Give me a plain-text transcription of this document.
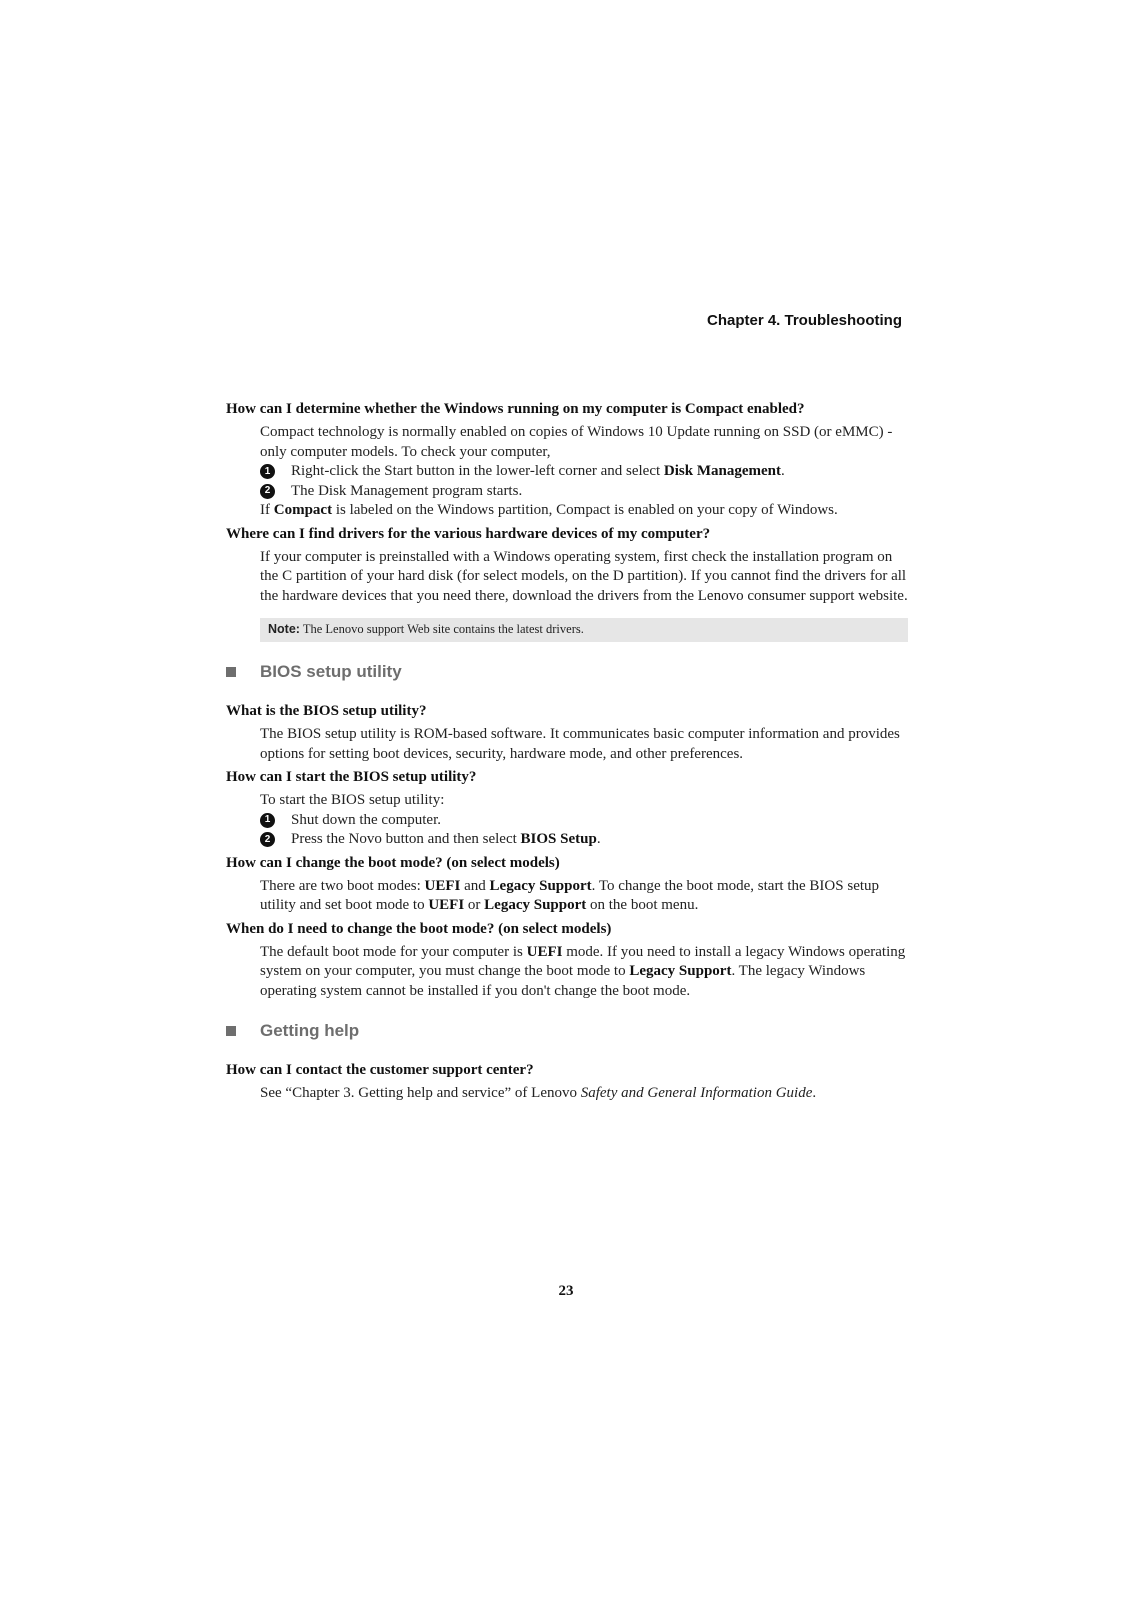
Chapter 4. Troubleshooting
How can I determine whether the Windows running on my computer is Compact enabled?
Compact technology is normally enabled on copies of Windows 10 Update running on SSD (or eMMC) -only computer models. To check your computer,
1	Right-click the Start button in the lower-left corner and select Disk Management.
2	The Disk Management program starts.
If Compact is labeled on the Windows partition, Compact is enabled on your copy of Windows.
Where can I find drivers for the various hardware devices of my computer?
If your computer is preinstalled with a Windows operating system, first check the installation program on the C partition of your hard disk (for select models, on the D partition). If you cannot find the drivers for all the hardware devices that you need there, download the drivers from the Lenovo consumer support website.
Note: The Lenovo support Web site contains the latest drivers.
BIOS setup utility
What is the BIOS setup utility?
The BIOS setup utility is ROM-based software. It communicates basic computer information and provides options for setting boot devices, security, hardware mode, and other preferences.
How can I start the BIOS setup utility?
To start the BIOS setup utility:
1	Shut down the computer.
2	Press the Novo button and then select BIOS Setup.
How can I change the boot mode? (on select models)
There are two boot modes: UEFI and Legacy Support. To change the boot mode, start the BIOS setup utility and set boot mode to UEFI or Legacy Support on the boot menu.
When do I need to change the boot mode? (on select models)
The default boot mode for your computer is UEFI mode. If you need to install a legacy Windows operating system on your computer, you must change the boot mode to Legacy Support. The legacy Windows operating system cannot be installed if you don't change the boot mode.
Getting help
How can I contact the customer support center?
See “Chapter 3. Getting help and service” of Lenovo Safety and General Information Guide.
23
